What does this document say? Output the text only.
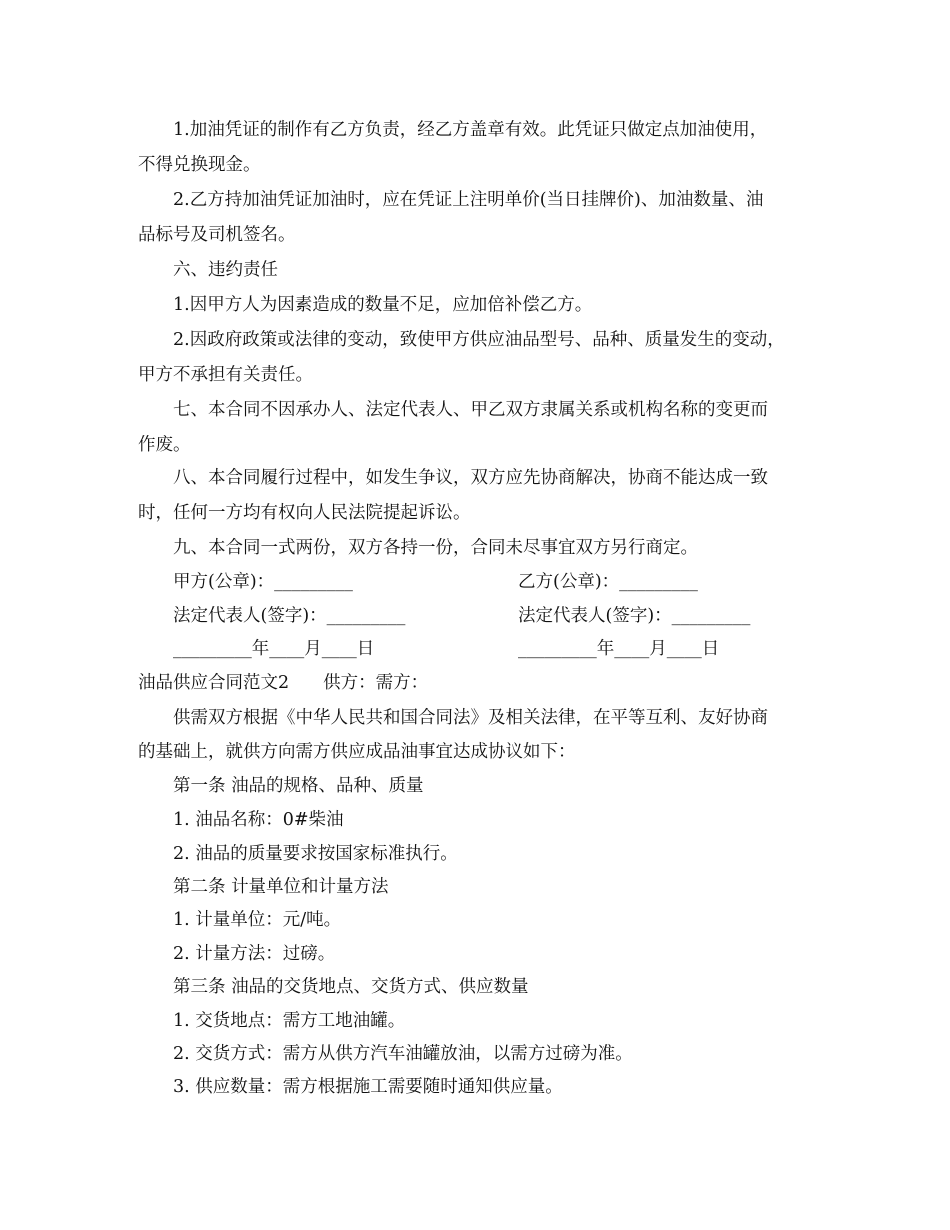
1.加油凭证的制作有乙方负责，经乙方盖章有效。此凭证只做定点加油使用，
不得兑换现金。
2.乙方持加油凭证加油时，应在凭证上注明单价(当日挂牌价)、加油数量、油
品标号及司机签名。
六、违约责任
1.因甲方人为因素造成的数量不足，应加倍补偿乙方。
2.因政府政策或法律的变动，致使甲方供应油品型号、品种、质量发生的变动，
甲方不承担有关责任。
七、本合同不因承办人、法定代表人、甲乙双方隶属关系或机构名称的变更而
作废。
八、本合同履行过程中，如发生争议，双方应先协商解决，协商不能达成一致
时，任何一方均有权向人民法院提起诉讼。
九、本合同一式两份，双方各持一份，合同未尽事宜双方另行商定。
甲方(公章)：_________	乙方(公章)：_________
法定代表人(签字)：_________	法定代表人(签字)：_________
_________年____月____日	_________年____月____日
油品供应合同范文2 供方：需方：
供需双方根据《中华人民共和国合同法》及相关法律，在平等互利、友好协商
的基础上，就供方向需方供应成品油事宜达成协议如下：
第一条 油品的规格、品种、质量
1. 油品名称：0#柴油
2. 油品的质量要求按国家标准执行。
第二条 计量单位和计量方法
1. 计量单位：元/吨。
2. 计量方法：过磅。
第三条 油品的交货地点、交货方式、供应数量
1. 交货地点：需方工地油罐。
2. 交货方式：需方从供方汽车油罐放油，以需方过磅为准。
3. 供应数量：需方根据施工需要随时通知供应量。
